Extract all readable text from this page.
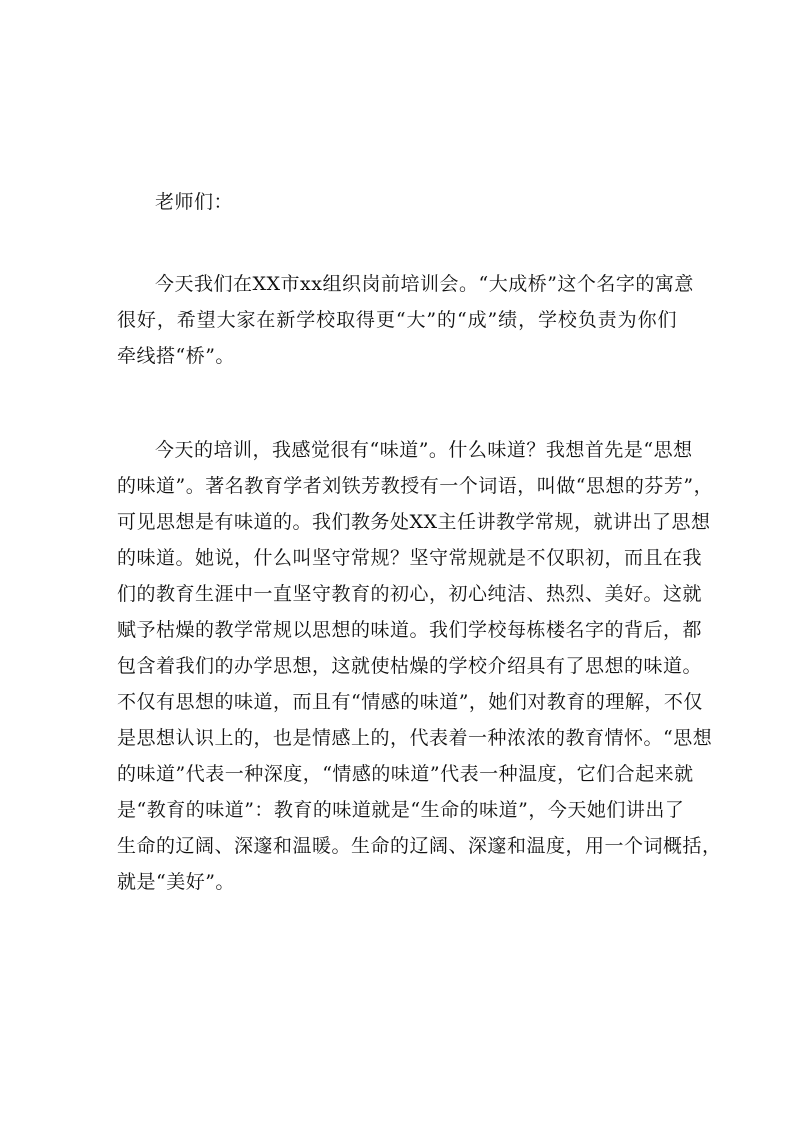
老师们：
今天我们在XX市xx组织岗前培训会。“大成桥”这个名字的寓意
很好，希望大家在新学校取得更“大”的“成”绩，学校负责为你们
牵线搭“桥”。
今天的培训，我感觉很有“味道”。什么味道？我想首先是“思想
的味道”。著名教育学者刘铁芳教授有一个词语，叫做“思想的芬芳”，
可见思想是有味道的。我们教务处XX主任讲教学常规，就讲出了思想
的味道。她说，什么叫坚守常规？坚守常规就是不仅职初，而且在我
们的教育生涯中一直坚守教育的初心，初心纯洁、热烈、美好。这就
赋予枯燥的教学常规以思想的味道。我们学校每栋楼名字的背后，都
包含着我们的办学思想，这就使枯燥的学校介绍具有了思想的味道。
不仅有思想的味道，而且有“情感的味道”，她们对教育的理解，不仅
是思想认识上的，也是情感上的，代表着一种浓浓的教育情怀。“思想
的味道”代表一种深度，“情感的味道”代表一种温度，它们合起来就
是“教育的味道”：教育的味道就是“生命的味道”，今天她们讲出了
生命的辽阔、深邃和温暖。生命的辽阔、深邃和温度，用一个词概括，
就是“美好”。
